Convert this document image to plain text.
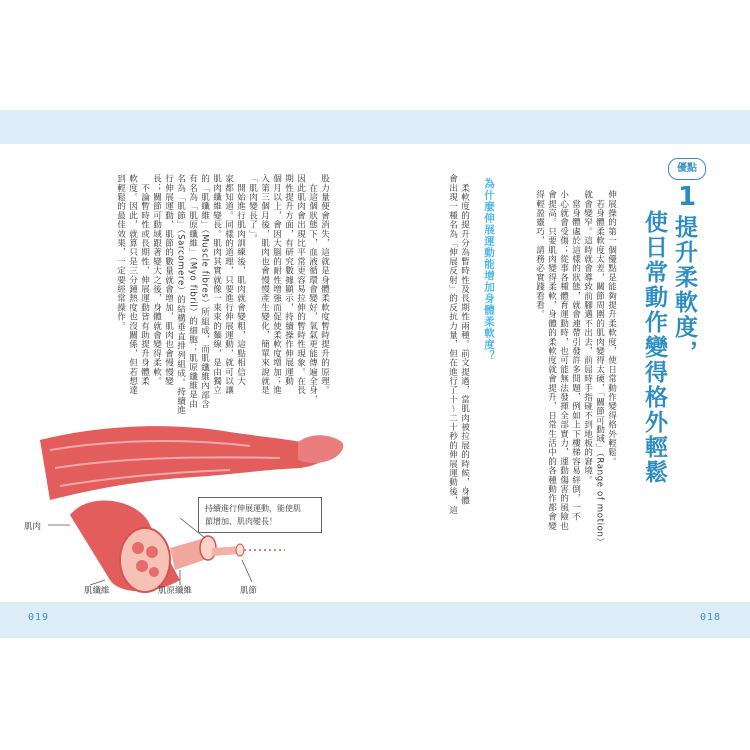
019	018
優點
1
提升柔軟度，
使日常動作變得格外輕鬆
伸展操的第一個優點是能夠提升柔軟度，使日常動作變得格外輕鬆。
　若身體柔軟度太差，關節周圍的肌肉變得太硬，「關節可動域」（Range of motion）
就會變窄。這時就會導致前腳邁不出去，前屈時手指碰不到地板的窘境。
　當身體處於這樣的狀態，就會連帶引發許多問題，例如上下樓梯容易絆倒，一不
小心就會受傷；從事各種體育運動時，也可能無法發揮全部實力，運動傷害的風險也
會提高。只要肌肉變得柔軟，身體的柔軟度就會提升，日常生活中的各種動作都會變
得輕盈靈巧，請務必實踐看看。
為什麼伸展運動能增加身體柔軟度？
　柔軟度的提升分為暫時性及長期性兩種。前文提過，當肌肉被拉展的時候，身體
會出現一種名為「伸展反射」的反抗力量，但在進行了十～二十秒的伸展運動後，這
股力量便會消失，這就是身體柔軟度暫時提升的原理。
　在這個狀態下，血液循環會變好，氧氣更能傳遍全身，
因此肌肉會出現比平常更容易拉伸的暫時性現象。在長
期性提升方面，有研究數據顯示，持續操作伸展運動
個月以上，會因大腦的耐性增強而促使柔軟度增加；進
入第三個月後，肌肉也會慢慢產生變化，簡單來說就是
「肌肉變長了」。
　開始進行肌肉訓練後，肌肉就會變粗，這點相信大
家都知道。同樣的道理，只要進行伸展運動，就可以讓
肌肉纖維變長。肌肉其實就像一束束的麵線，是由獨立
的「肌纖維」（Muscle fibres）所組成，而肌纖維內部含
有名為「肌原纖維」（Myo fibril）的細胞；肌原纖維是由
名為「肌節」（Sarcomere）的結構垂直排列組成。持續進
行伸展運動，肌節的數量就會增加，肌肉也會慢慢變
長；關節可動域跟著變大之後，身體就會變得柔軟。
　不論暫時性或長期性，伸展運動皆有助提升身體柔
軟度。因此，就算只是三分鐘熱度也沒關係，但若想達
到輕鬆的最佳效果，一定要經常操作。
持續進行伸展運動，能使肌
節增加、肌肉變長！
肌肉
肌纖維	肌原纖維	肌節
